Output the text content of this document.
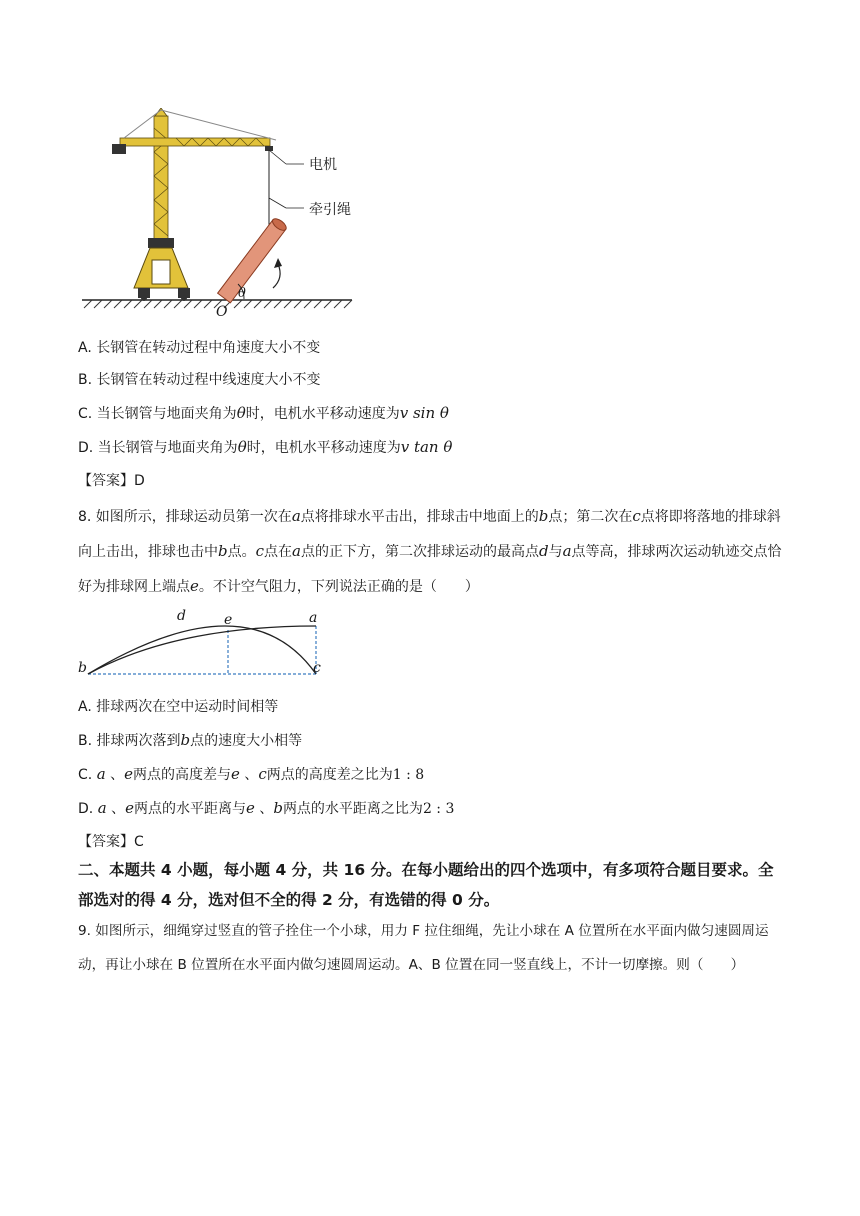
电机
牵引绳
O
θ
A. 长钢管在转动过程中角速度大小不变
B. 长钢管在转动过程中线速度大小不变
C. 当长钢管与地面夹角为θ时，电机水平移动速度为v sin θ
D. 当长钢管与地面夹角为θ时，电机水平移动速度为v tan θ
【答案】D
8. 如图所示，排球运动员第一次在a点将排球水平击出，排球击中地面上的b点；第二次在c点将即将落地的排球斜向上击出，排球也击中b点。c点在a点的正下方，第二次排球运动的最高点d与a点等高，排球两次运动轨迹交点恰好为排球网上端点e。不计空气阻力，下列说法正确的是（　　）
d	e	a
b	c
A. 排球两次在空中运动时间相等
B. 排球两次落到b点的速度大小相等
C. a 、e两点的高度差与e 、c两点的高度差之比为1 : 8
D. a 、e两点的水平距离与e 、b两点的水平距离之比为2 : 3
【答案】C
二、本题共 4 小题，每小题 4 分，共 16 分。在每小题给出的四个选项中，有多项符合题目要求。全部选对的得 4 分，选对但不全的得 2 分，有选错的得 0 分。
9. 如图所示，细绳穿过竖直的管子拴住一个小球，用力 F 拉住细绳，先让小球在 A 位置所在水平面内做匀速圆周运动，再让小球在 B 位置所在水平面内做匀速圆周运动。A、B 位置在同一竖直线上，不计一切摩擦。则（　　）
